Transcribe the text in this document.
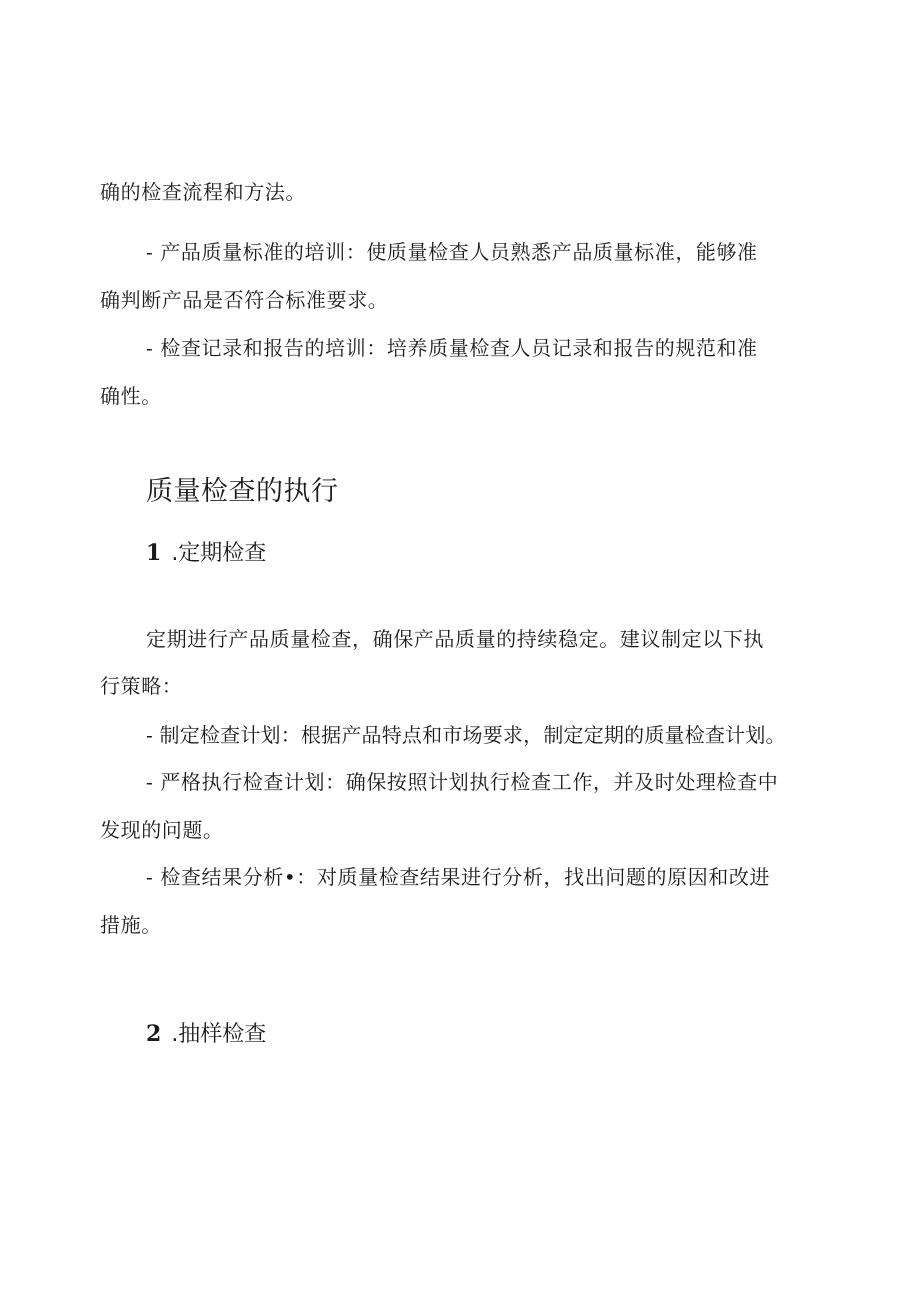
确的检查流程和方法。
- 产品质量标准的培训：使质量检查人员熟悉产品质量标准，能够准
确判断产品是否符合标准要求。
- 检查记录和报告的培训：培养质量检查人员记录和报告的规范和准
确性。
质量检查的执行
1 .定期检查
定期进行产品质量检查，确保产品质量的持续稳定。建议制定以下执
行策略：
- 制定检查计划：根据产品特点和市场要求，制定定期的质量检查计划。
- 严格执行检查计划：确保按照计划执行检查工作，并及时处理检查中
发现的问题。
- 检查结果分析•：对质量检查结果进行分析，找出问题的原因和改进
措施。
2 .抽样检查
